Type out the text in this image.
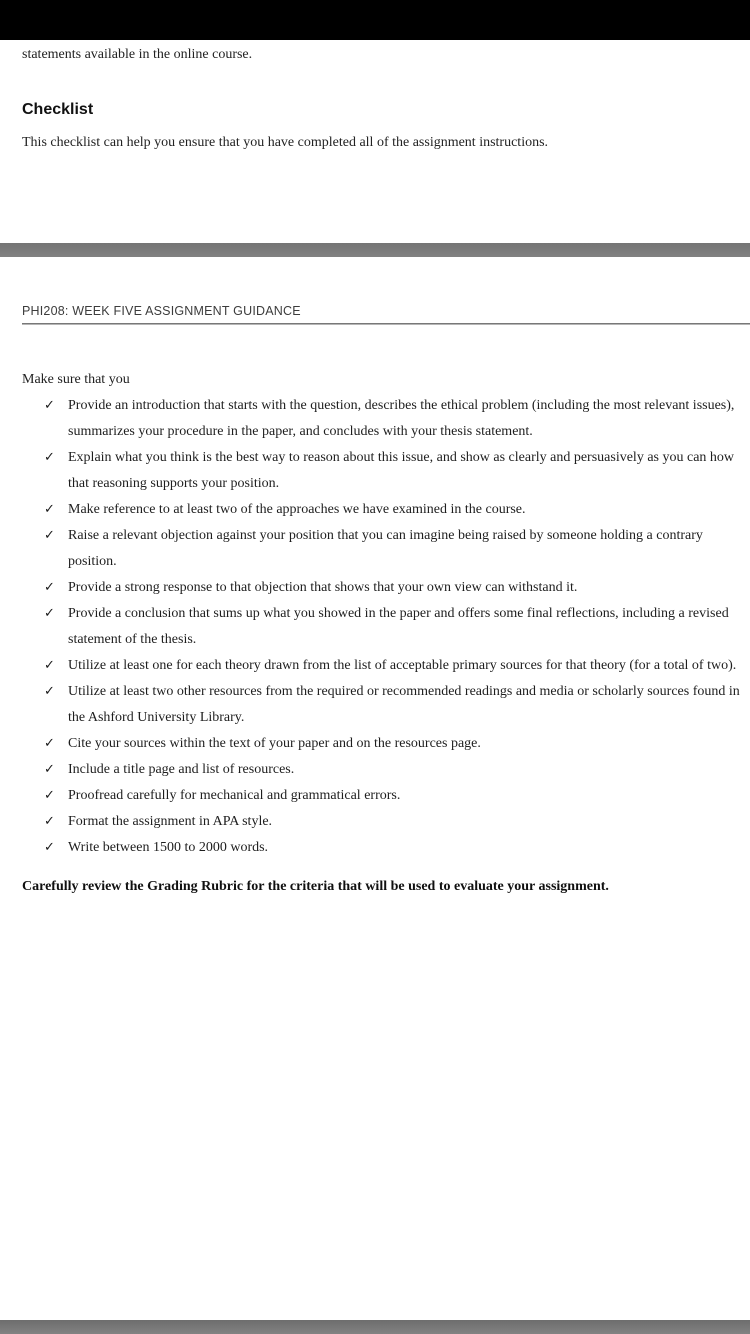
statements available in the online course.
Checklist
This checklist can help you ensure that you have completed all of the assignment instructions.
PHI208: WEEK FIVE ASSIGNMENT GUIDANCE
Make sure that you
✓ Provide an introduction that starts with the question, describes the ethical problem (including the most relevant issues), summarizes your procedure in the paper, and concludes with your thesis statement.
✓ Explain what you think is the best way to reason about this issue, and show as clearly and persuasively as you can how that reasoning supports your position.
✓ Make reference to at least two of the approaches we have examined in the course.
✓ Raise a relevant objection against your position that you can imagine being raised by someone holding a contrary position.
✓ Provide a strong response to that objection that shows that your own view can withstand it.
✓ Provide a conclusion that sums up what you showed in the paper and offers some final reflections, including a revised statement of the thesis.
✓ Utilize at least one for each theory drawn from the list of acceptable primary sources for that theory (for a total of two).
✓ Utilize at least two other resources from the required or recommended readings and media or scholarly sources found in the Ashford University Library.
✓ Cite your sources within the text of your paper and on the resources page.
✓ Include a title page and list of resources.
✓ Proofread carefully for mechanical and grammatical errors.
✓ Format the assignment in APA style.
✓ Write between 1500 to 2000 words.
Carefully review the Grading Rubric for the criteria that will be used to evaluate your assignment.
